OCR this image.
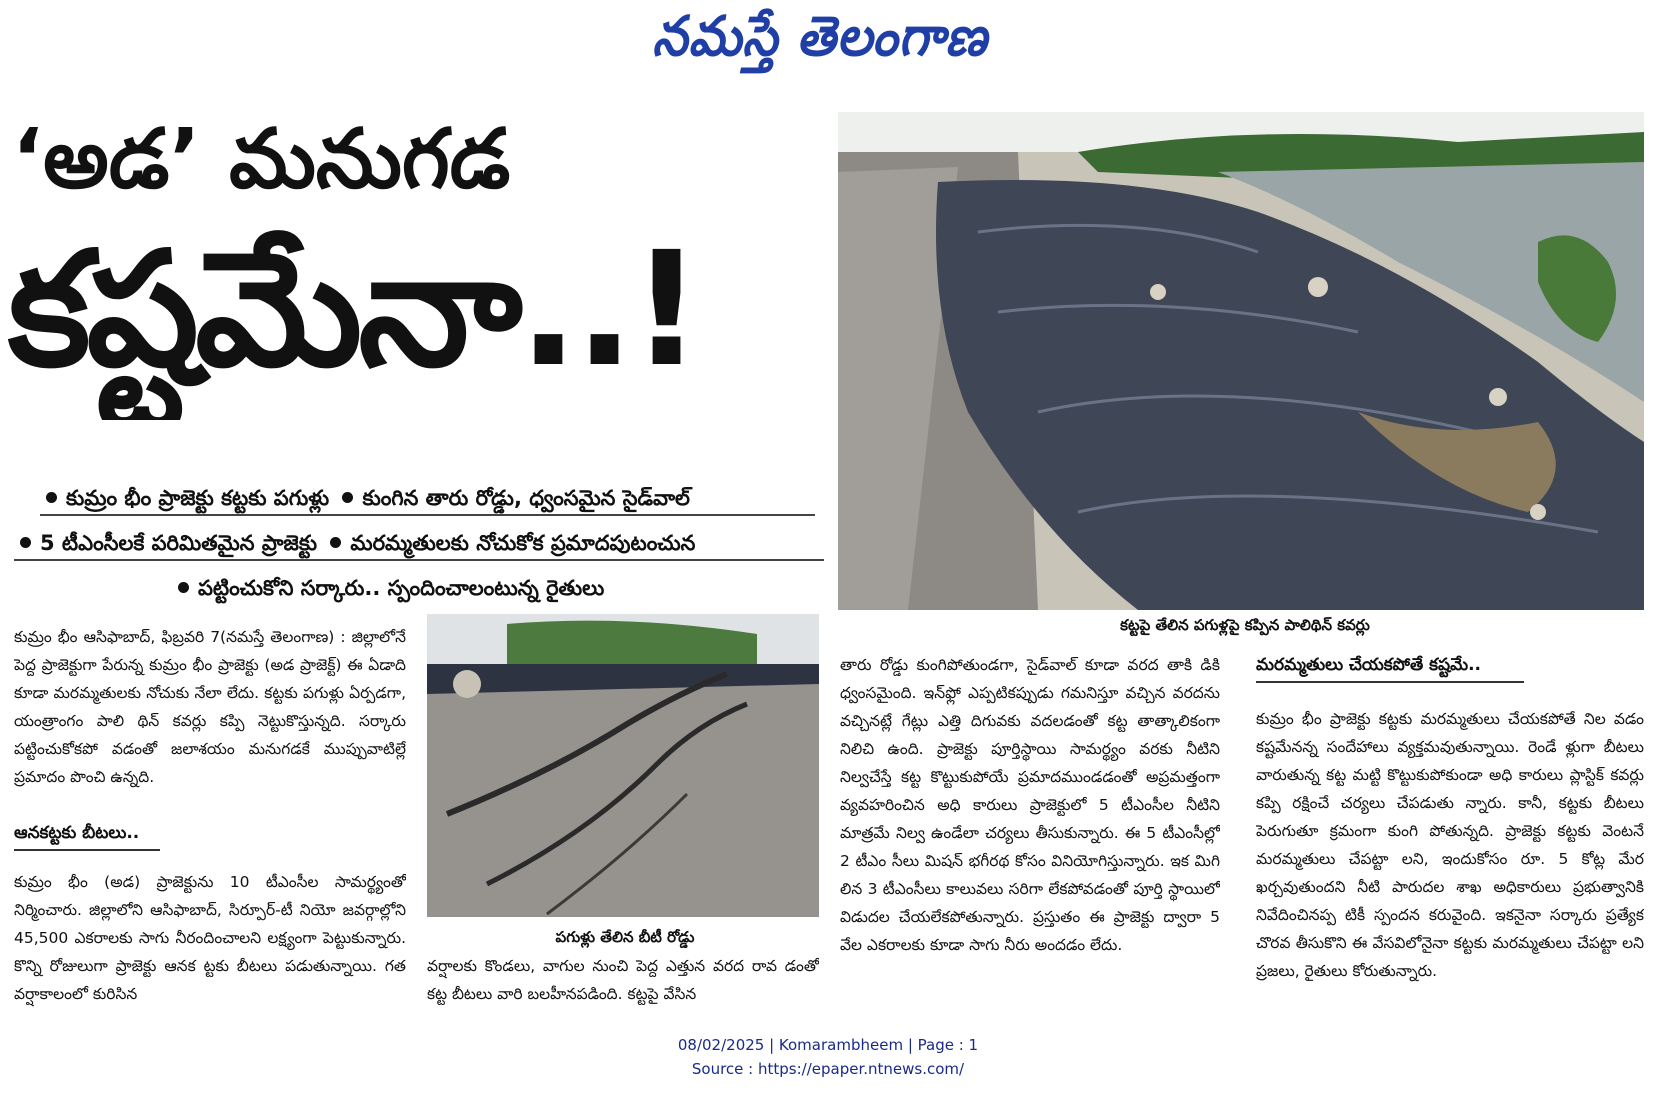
నమస్తే తెలంగాణ
‘అడ’ మనుగడ
కష్టమేనా..!
కుమ్రం భీం ప్రాజెక్టు కట్టకు పగుళ్లు కుంగిన తారు రోడ్డు, ధ్వంసమైన సైడ్‌వాల్
5 టీఎంసీలకే పరిమితమైన ప్రాజెక్టు మరమ్మతులకు నోచుకోక ప్రమాదపుటంచున
పట్టించుకోని సర్కారు.. స్పందించాలంటున్న రైతులు
కట్టపై తేలిన పగుళ్లపై కప్పిన పాలిథిన్ కవర్లు
పగుళ్లు తేలిన బీటీ రోడ్డు

కుమ్రం భీం ఆసిఫాబాద్, ఫిబ్రవరి 7(నమస్తే తెలంగాణ) : జిల్లాలోనే పెద్ద ప్రాజెక్టుగా పేరున్న కుమ్రం భీం ప్రాజెక్టు (అడ ప్రాజెక్ట్) ఈ ఏడాది కూడా మరమ్మతులకు నోచుకు నేలా లేదు. కట్టకు పగుళ్లు ఏర్పడగా, యంత్రాంగం పాలి థిన్ కవర్లు కప్పి నెట్టుకొస్తున్నది. సర్కారు పట్టించుకోకపో వడంతో జలాశయం మనుగడకే ముప్పువాటిల్లే ప్రమాదం పొంచి ఉన్నది.

ఆనకట్టకు బీటలు..

కుమ్రం భీం (అడ) ప్రాజెక్టును 10 టీఎంసీల సామర్థ్యంతో నిర్మించారు. జిల్లాలోని ఆసిఫాబాద్, సిర్పూర్-టీ నియో జవర్గాల్లోని 45,500 ఎకరాలకు సాగు నీరందించాలని లక్ష్యంగా పెట్టుకున్నారు. కొన్ని రోజులుగా ప్రాజెక్టు ఆనక ట్టకు బీటలు పడుతున్నాయి. గత వర్షాకాలంలో కురిసిన

వర్షాలకు కొండలు, వాగుల నుంచి పెద్ద ఎత్తున వరద రావ డంతో కట్ట బీటలు వారి బలహీనపడింది. కట్టపై వేసిన

తారు రోడ్డు కుంగిపోతుండగా, సైడ్‌వాల్ కూడా వరద తాకి డికి ధ్వంసమైంది. ఇన్‌ఫ్లో ఎప్పటికప్పుడు గమనిస్తూ వచ్చిన వరదను వచ్చినట్లే గేట్లు ఎత్తి దిగువకు వదలడంతో కట్ట తాత్కాలికంగా నిలిచి ఉంది. ప్రాజెక్టు పూర్తిస్థాయి సామర్థ్యం వరకు నీటిని నిల్వచేస్తే కట్ట కొట్టుకుపోయే ప్రమాదముండడంతో అప్రమత్తంగా వ్యవహరించిన అధి కారులు ప్రాజెక్టులో 5 టీఎంసీల నీటిని మాత్రమే నిల్వ ఉండేలా చర్యలు తీసుకున్నారు. ఈ 5 టీఎంసీల్లో 2 టీఎం సీలు మిషన్ భగీరథ కోసం వినియోగిస్తున్నారు. ఇక మిగి లిన 3 టీఎంసీలు కాలువలు సరిగా లేకపోవడంతో పూర్తి స్థాయిలో విడుదల చేయలేకపోతున్నారు. ప్రస్తుతం ఈ ప్రాజెక్టు ద్వారా 5 వేల ఎకరాలకు కూడా సాగు నీరు అందడం లేదు.

మరమ్మతులు చేయకపోతే కష్టమే..

కుమ్రం భీం ప్రాజెక్టు కట్టకు మరమ్మతులు చేయకపోతే నిల వడం కష్టమేనన్న సందేహాలు వ్యక్తమవుతున్నాయి. రెండే ళ్లుగా బీటలు వారుతున్న కట్ట మట్టి కొట్టుకుపోకుండా అధి కారులు ప్లాస్టిక్ కవర్లు కప్పి రక్షించే చర్యలు చేపడుతు న్నారు. కానీ, కట్టకు బీటలు పెరుగుతూ క్రమంగా కుంగి పోతున్నది. ప్రాజెక్టు కట్టకు వెంటనే మరమ్మతులు చేపట్టా లని, ఇందుకోసం రూ. 5 కోట్ల మేర ఖర్చవుతుందని నీటి పారుదల శాఖ అధికారులు ప్రభుత్వానికి నివేదించినప్ప టికీ స్పందన కరువైంది. ఇకనైనా సర్కారు ప్రత్యేక చొరవ తీసుకొని ఈ వేసవిలోనైనా కట్టకు మరమ్మతులు చేపట్టా లని ప్రజలు, రైతులు కోరుతున్నారు.

08/02/2025 | Komarambheem | Page : 1
Source : https://epaper.ntnews.com/
